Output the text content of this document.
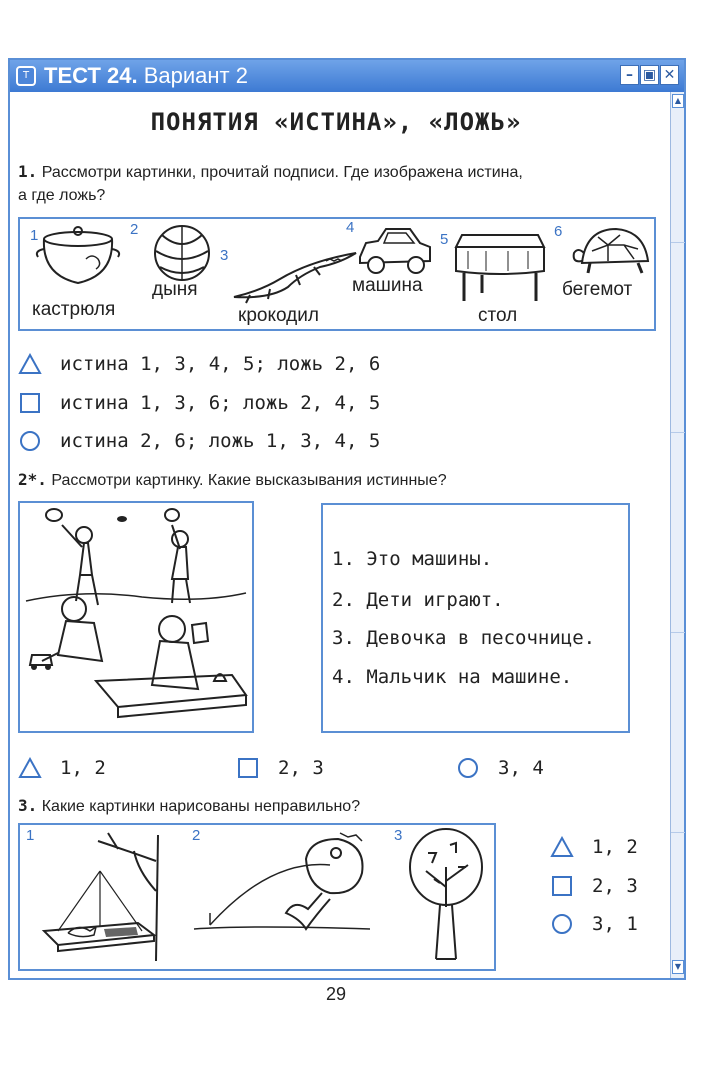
T ТЕСТ 24. Вариант 2	– ▣ ✕
▲
▼
ПОНЯТИЯ «ИСТИНА», «ЛОЖЬ»
1. Рассмотри картинки, прочитай подписи. Где изображена истина,
а где ложь?
1	2
3
4
5	6
кастрюля
дыня
крокодил
машина
стол
бегемот
истина 1, 3, 4, 5; ложь 2, 6
истина 1, 3, 6; ложь 2, 4, 5
истина 2, 6; ложь 1, 3, 4, 5
2*. Рассмотри картинку. Какие высказывания истинные?
1. Это машины.
2. Дети играют.
3. Девочка в песочнице.
4. Мальчик на машине.
1, 2	2, 3	3, 4
3. Какие картинки нарисованы неправильно?
1	2	3
1, 2
2, 3
3, 1
29
